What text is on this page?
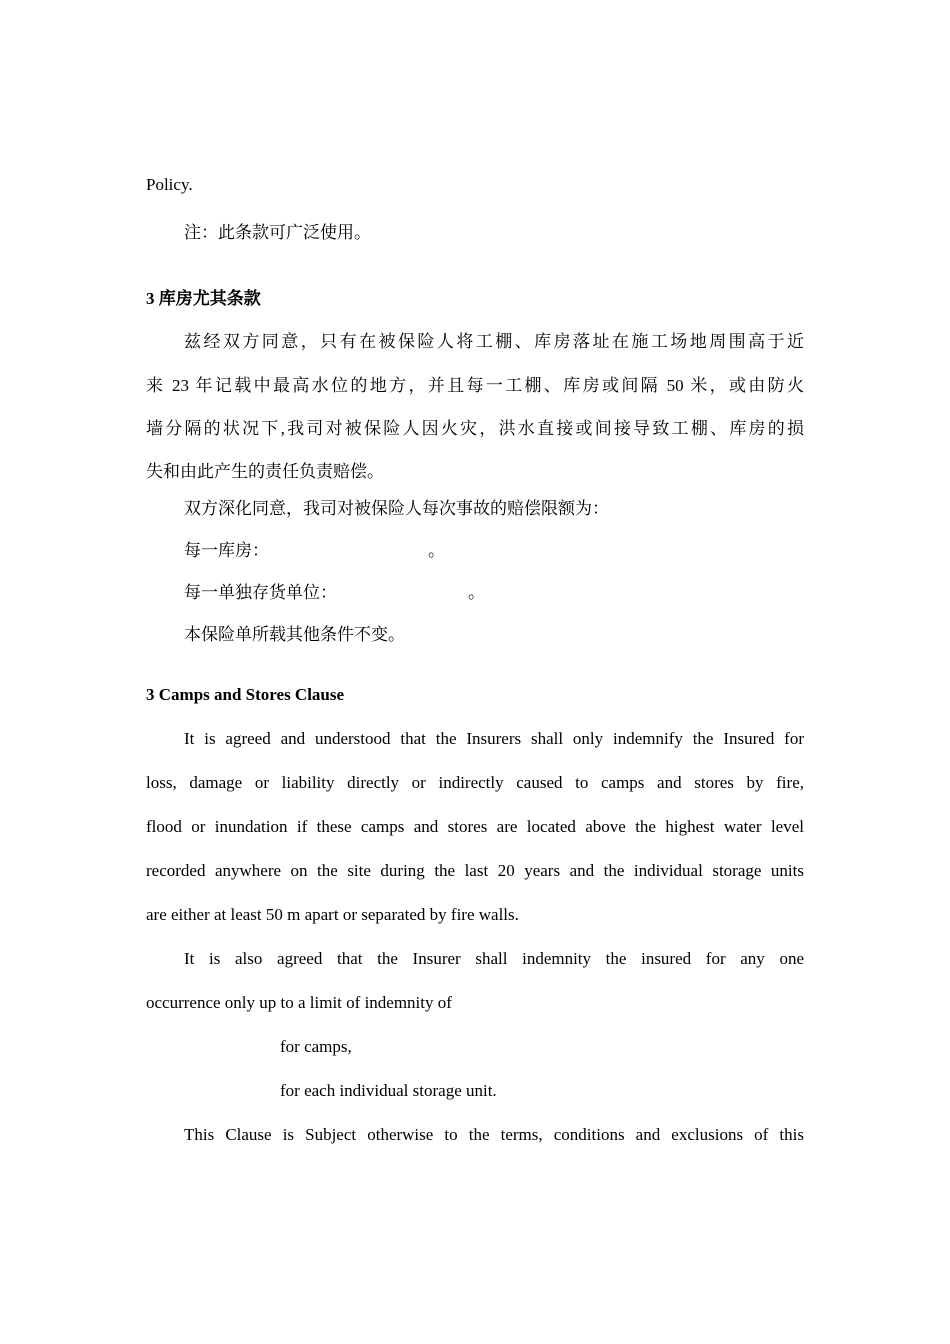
Policy.
注：此条款可广泛使用。
3 库房尤其条款
兹经双方同意，只有在被保险人将工棚、库房落址在施工场地周围高于近
来 23 年记载中最高水位的地方，并且每一工棚、库房或间隔 50 米，或由防火
墙分隔的状况下,我司对被保险人因火灾，洪水直接或间接导致工棚、库房的损
失和由此产生的责任负责赔偿。
双方深化同意，我司对被保险人每次事故的赔偿限额为：
每一库房：	。
每一单独存货单位：	。
本保险单所载其他条件不变。
3 Camps and Stores Clause
It is agreed and understood that the Insurers shall only indemnify the Insured for
loss, damage or liability directly or indirectly caused to camps and stores by fire,
flood or inundation if these camps and stores are located above the highest water level
recorded anywhere on the site during the last 20 years and the individual storage units
are either at least 50 m apart or separated by fire walls.
It is also agreed that the Insurer shall indemnity the insured for any one
occurrence only up to a limit of indemnity of
for camps,
for each individual storage unit.
This Clause is Subject otherwise to the terms, conditions and exclusions of this
